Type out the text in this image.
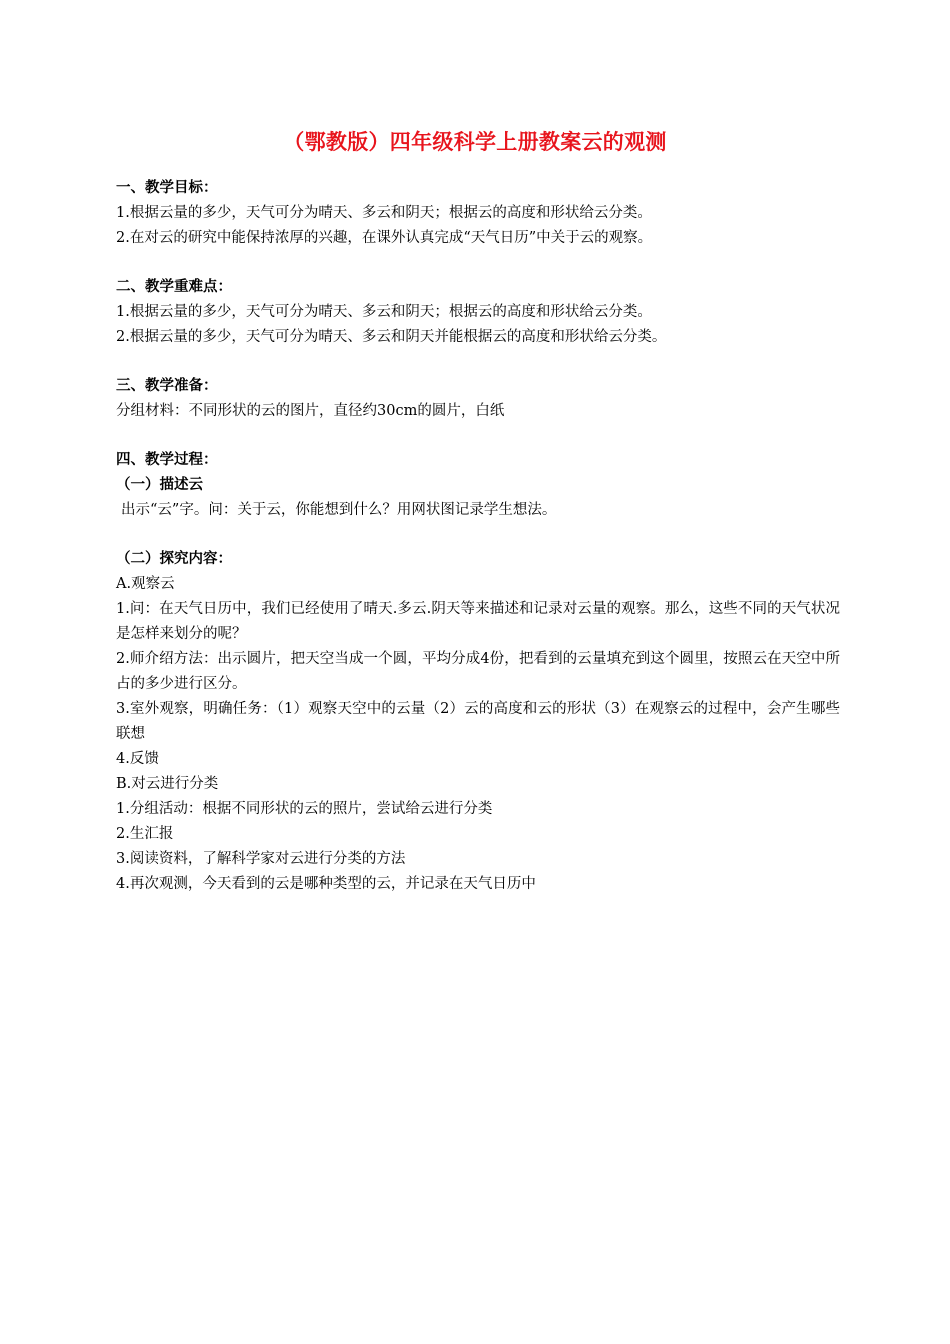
（鄂教版）四年级科学上册教案云的观测
一、教学目标：
1.根据云量的多少，天气可分为晴天、多云和阴天；根据云的高度和形状给云分类。
2.在对云的研究中能保持浓厚的兴趣，在课外认真完成“天气日历”中关于云的观察。
二、教学重难点：
1.根据云量的多少，天气可分为晴天、多云和阴天；根据云的高度和形状给云分类。
2.根据云量的多少，天气可分为晴天、多云和阴天并能根据云的高度和形状给云分类。
三、教学准备：
分组材料：不同形状的云的图片，直径约30cm的圆片，白纸
四、教学过程：
（一）描述云
出示“云”字。问：关于云，你能想到什么？用网状图记录学生想法。
（二）探究内容：
A.观察云
1.问：在天气日历中，我们已经使用了晴天.多云.阴天等来描述和记录对云量的观察。那么，这些不同的天气状况是怎样来划分的呢？
2.师介绍方法：出示圆片，把天空当成一个圆，平均分成4份，把看到的云量填充到这个圆里，按照云在天空中所占的多少进行区分。
3.室外观察，明确任务：（1）观察天空中的云量（2）云的高度和云的形状（3）在观察云的过程中，会产生哪些联想
4.反馈
B.对云进行分类
1.分组活动：根据不同形状的云的照片，尝试给云进行分类
2.生汇报
3.阅读资料，了解科学家对云进行分类的方法
4.再次观测，今天看到的云是哪种类型的云，并记录在天气日历中
